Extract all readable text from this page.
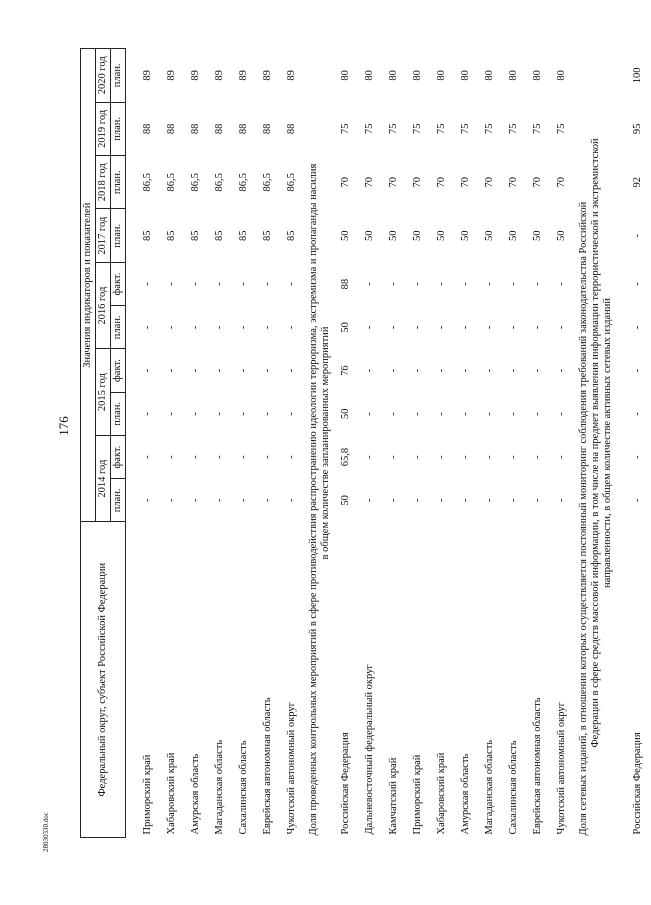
176
28030330.doc
Федеральный округ, субъект Российской Федерации	Значения индикаторов и показателей									
	2014 год		2015 год		2016 год		2017 год	2018 год	2019 год	2020 год
	план.	факт.	план.	факт.	план.	факт.	план.	план.	план.	план.

Приморский край	-	-	-	-	-	-	85	86,5	88	89
Хабаровский край	-	-	-	-	-	-	85	86,5	88	89
Амурская область	-	-	-	-	-	-	85	86,5	88	89
Магаданская область	-	-	-	-	-	-	85	86,5	88	89
Сахалинская область	-	-	-	-	-	-	85	86,5	88	89
Еврейская автономная область	-	-	-	-	-	-	85	86,5	88	89
Чукотский автономный округ	-	-	-	-	-	-	85	86,5	88	89

Доля проведенных контрольных мероприятий в сфере противодействия распространению идеологии терроризма, экстремизма и пропаганды насилия в общем количестве запланированных мероприятий										

Российская Федерация	50	65,8	50	76	50	88	50	70	75	80
Дальневосточный федеральный округ	-	-	-	-	-	-	50	70	75	80
Камчатский край	-	-	-	-	-	-	50	70	75	80
Приморский край	-	-	-	-	-	-	50	70	75	80
Хабаровский край	-	-	-	-	-	-	50	70	75	80
Амурская область	-	-	-	-	-	-	50	70	75	80
Магаданская область	-	-	-	-	-	-	50	70	75	80
Сахалинская область	-	-	-	-	-	-	50	70	75	80
Еврейская автономная область	-	-	-	-	-	-	50	70	75	80
Чукотский автономный округ	-	-	-	-	-	-	50	70	75	80

Доля сетевых изданий, в отношении которых осуществляется постоянный мониторинг соблюдения требований законодательства Российской Федерации в сфере средств массовой информации, в том числе на предмет выявления информации террористической и экстремистской направленности, в общем количестве активных сетевых изданий										

Российская Федерация	-	-	-	-	-	-	-	92	95	100
